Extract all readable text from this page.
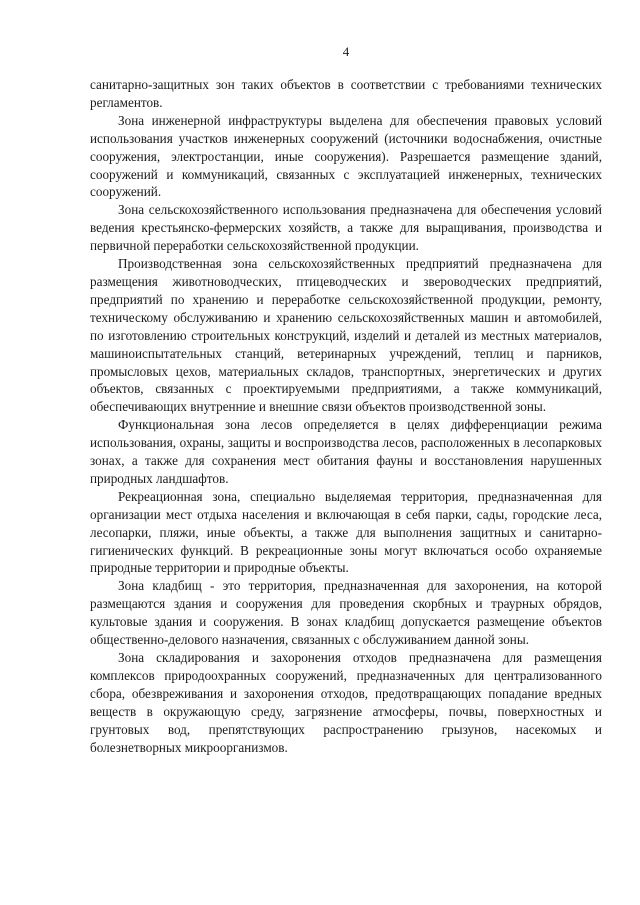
4

санитарно-защитных зон таких объектов в соответствии с требованиями технических регламентов.

Зона инженерной инфраструктуры выделена для обеспечения правовых условий использования участков инженерных сооружений (источники водоснабжения, очистные сооружения, электростанции, иные сооружения). Разрешается размещение зданий, сооружений и коммуникаций, связанных с эксплуатацией инженерных, технических сооружений.

Зона сельскохозяйственного использования предназначена для обеспечения условий ведения крестьянско-фермерских хозяйств, а также для выращивания, производства и первичной переработки сельскохозяйственной продукции.

Производственная зона сельскохозяйственных предприятий предназначена для размещения животноводческих, птицеводческих и звероводческих предприятий, предприятий по хранению и переработке сельскохозяйственной продукции, ремонту, техническому обслуживанию и хранению сельскохозяйственных машин и автомобилей, по изготовлению строительных конструкций, изделий и деталей из местных материалов, машиноиспытательных станций, ветеринарных учреждений, теплиц и парников, промысловых цехов, материальных складов, транспортных, энергетических и других объектов, связанных с проектируемыми предприятиями, а также коммуникаций, обеспечивающих внутренние и внешние связи объектов производственной зоны.

Функциональная зона лесов определяется в целях дифференциации режима использования, охраны, защиты и воспроизводства лесов, расположенных в лесопарковых зонах, а также для сохранения мест обитания фауны и восстановления нарушенных природных ландшафтов.

Рекреационная зона, специально выделяемая территория, предназначенная для организации мест отдыха населения и включающая в себя парки, сады, городские леса, лесопарки, пляжи, иные объекты, а также для выполнения защитных и санитарно-гигиенических функций. В рекреационные зоны могут включаться особо охраняемые природные территории и природные объекты.

Зона кладбищ - это территория, предназначенная для захоронения, на которой размещаются здания и сооружения для проведения скорбных и траурных обрядов, культовые здания и сооружения. В зонах кладбищ допускается размещение объектов общественно-делового назначения, связанных с обслуживанием данной зоны.

Зона складирования и захоронения отходов предназначена для размещения комплексов природоохранных сооружений, предназначенных для централизованного сбора, обезвреживания и захоронения отходов, предотвращающих попадание вредных веществ в окружающую среду, загрязнение атмосферы, почвы, поверхностных и грунтовых вод, препятствующих распространению грызунов, насекомых и болезнетворных микроорганизмов.
